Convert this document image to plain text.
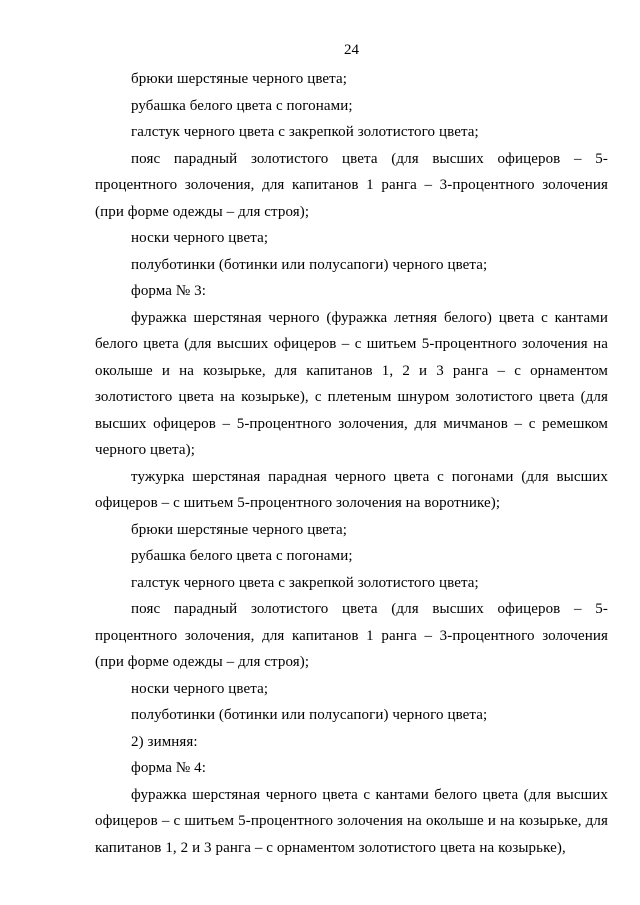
24

брюки шерстяные черного цвета;

рубашка белого цвета с погонами;

галстук черного цвета с закрепкой золотистого цвета;

пояс парадный золотистого цвета (для высших офицеров – 5-процентного золочения, для капитанов 1 ранга – 3-процентного золочения (при форме одежды – для строя);

носки черного цвета;

полуботинки (ботинки или полусапоги) черного цвета;

форма № 3:

фуражка шерстяная черного (фуражка летняя белого) цвета с кантами белого цвета (для высших офицеров – с шитьем 5-процентного золочения на околыше и на козырьке, для капитанов 1, 2 и 3 ранга – с орнаментом золотистого цвета на козырьке), с плетеным шнуром золотистого цвета (для высших офицеров – 5-процентного золочения, для мичманов – с ремешком черного цвета);

тужурка шерстяная парадная черного цвета с погонами (для высших офицеров – с шитьем 5-процентного золочения на воротнике);

брюки шерстяные черного цвета;

рубашка белого цвета с погонами;

галстук черного цвета с закрепкой золотистого цвета;

пояс парадный золотистого цвета (для высших офицеров – 5-процентного золочения, для капитанов 1 ранга – 3-процентного золочения (при форме одежды – для строя);

носки черного цвета;

полуботинки (ботинки или полусапоги) черного цвета;

2) зимняя:

форма № 4:

фуражка шерстяная черного цвета с кантами белого цвета (для высших офицеров – с шитьем 5-процентного золочения на околыше и на козырьке, для капитанов 1, 2 и 3 ранга – с орнаментом золотистого цвета на козырьке),
